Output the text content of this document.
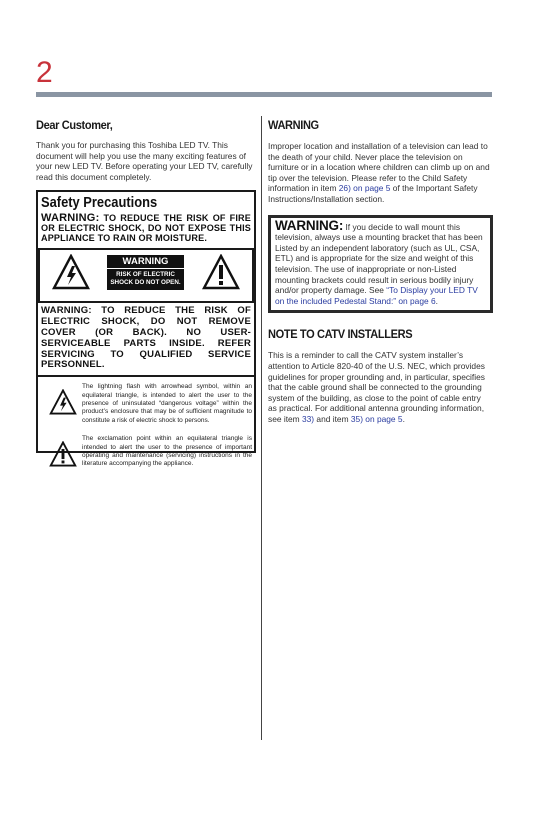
2
Dear Customer,

Thank you for purchasing this Toshiba LED TV. This document will help you use the many exciting features of your new LED TV. Before operating your LED TV, carefully read this document completely.

Safety Precautions
WARNING: TO REDUCE THE RISK OF FIRE OR ELECTRIC SHOCK, DO NOT EXPOSE THIS APPLIANCE TO RAIN OR MOISTURE.
WARNING
RISK OF ELECTRIC SHOCK DO NOT OPEN.
WARNING: TO REDUCE THE RISK OF ELECTRIC SHOCK, DO NOT REMOVE COVER (OR BACK). NO USER-SERVICEABLE PARTS INSIDE. REFER SERVICING TO QUALIFIED SERVICE PERSONNEL.
The lightning flash with arrowhead symbol, within an equilateral triangle, is intended to alert the user to the presence of uninsulated “dangerous voltage” within the product’s enclosure that may be of sufficient magnitude to constitute a risk of electric shock to persons.
The exclamation point within an equilateral triangle is intended to alert the user to the presence of important operating and maintenance (servicing) instructions in the literature accompanying the appliance.
WARNING

Improper location and installation of a television can lead to the death of your child. Never place the television on furniture or in a location where children can climb up on and tip over the television. Please refer to the Child Safety information in item 26) on page 5 of the Important Safety Instructions/Installation section.

WARNING: If you decide to wall mount this television, always use a mounting bracket that has been Listed by an independent laboratory (such as UL, CSA, ETL) and is appropriate for the size and weight of this television. The use of inappropriate or non-Listed mounting brackets could result in serious bodily injury and/or property damage. See “To Display your LED TV on the included Pedestal Stand:” on page 6.

NOTE TO CATV INSTALLERS

This is a reminder to call the CATV system installer’s attention to Article 820-40 of the U.S. NEC, which provides guidelines for proper grounding and, in particular, specifies that the cable ground shall be connected to the grounding system of the building, as close to the point of cable entry as practical. For additional antenna grounding information, see item 33) and item 35) on page 5.
